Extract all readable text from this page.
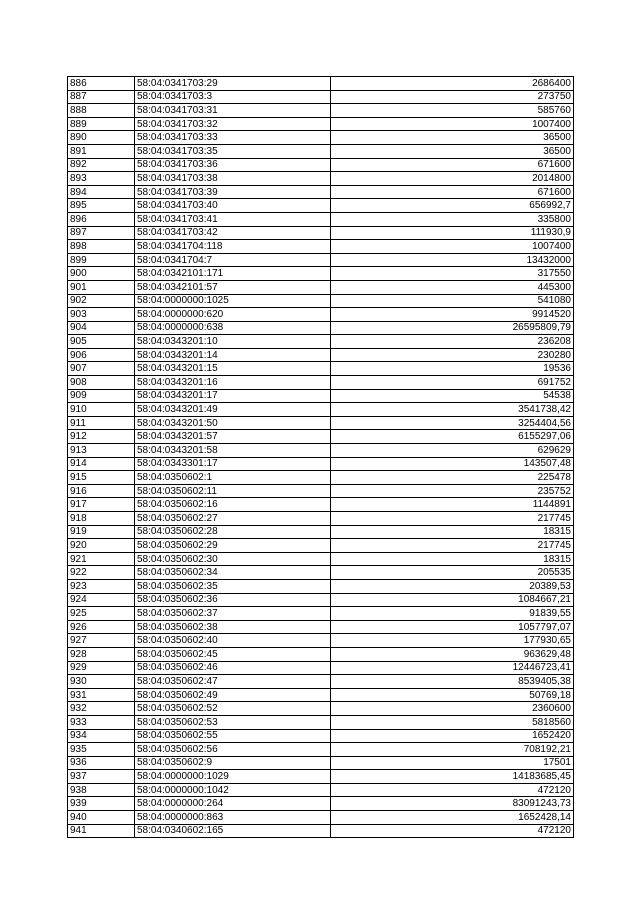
886	58:04:0341703:29	2686400
887	58:04:0341703:3	273750
888	58:04:0341703:31	585760
889	58:04:0341703:32	1007400
890	58:04:0341703:33	36500
891	58:04:0341703:35	36500
892	58:04:0341703:36	671600
893	58:04:0341703:38	2014800
894	58:04:0341703:39	671600
895	58:04:0341703:40	656992,7
896	58:04:0341703:41	335800
897	58:04:0341703:42	111930,9
898	58:04:0341704:118	1007400
899	58:04:0341704:7	13432000
900	58:04:0342101:171	317550
901	58:04:0342101:57	445300
902	58:04:0000000:1025	541080
903	58:04:0000000:620	9914520
904	58:04:0000000:638	26595809,79
905	58:04:0343201:10	236208
906	58:04:0343201:14	230280
907	58:04:0343201:15	19536
908	58:04:0343201:16	691752
909	58:04:0343201:17	54538
910	58:04:0343201:49	3541738,42
911	58:04:0343201:50	3254404,56
912	58:04:0343201:57	6155297,06
913	58:04:0343201:58	629629
914	58:04:0343301:17	143507,48
915	58:04:0350602:1	225478
916	58:04:0350602:11	235752
917	58:04:0350602:16	1144891
918	58:04:0350602:27	217745
919	58:04:0350602:28	18315
920	58:04:0350602:29	217745
921	58:04:0350602:30	18315
922	58:04:0350602:34	205535
923	58:04:0350602:35	20389,53
924	58:04:0350602:36	1084667,21
925	58:04:0350602:37	91839,55
926	58:04:0350602:38	1057797,07
927	58:04:0350602:40	177930,65
928	58:04:0350602:45	963629,48
929	58:04:0350602:46	12446723,41
930	58:04:0350602:47	8539405,38
931	58:04:0350602:49	50769,18
932	58:04:0350602:52	2360600
933	58:04:0350602:53	5818560
934	58:04:0350602:55	1652420
935	58:04:0350602:56	708192,21
936	58:04:0350602:9	17501
937	58:04:0000000:1029	14183685,45
938	58:04:0000000:1042	472120
939	58:04:0000000:264	83091243,73
940	58:04:0000000:863	1652428,14
941	58:04:0340602:165	472120
